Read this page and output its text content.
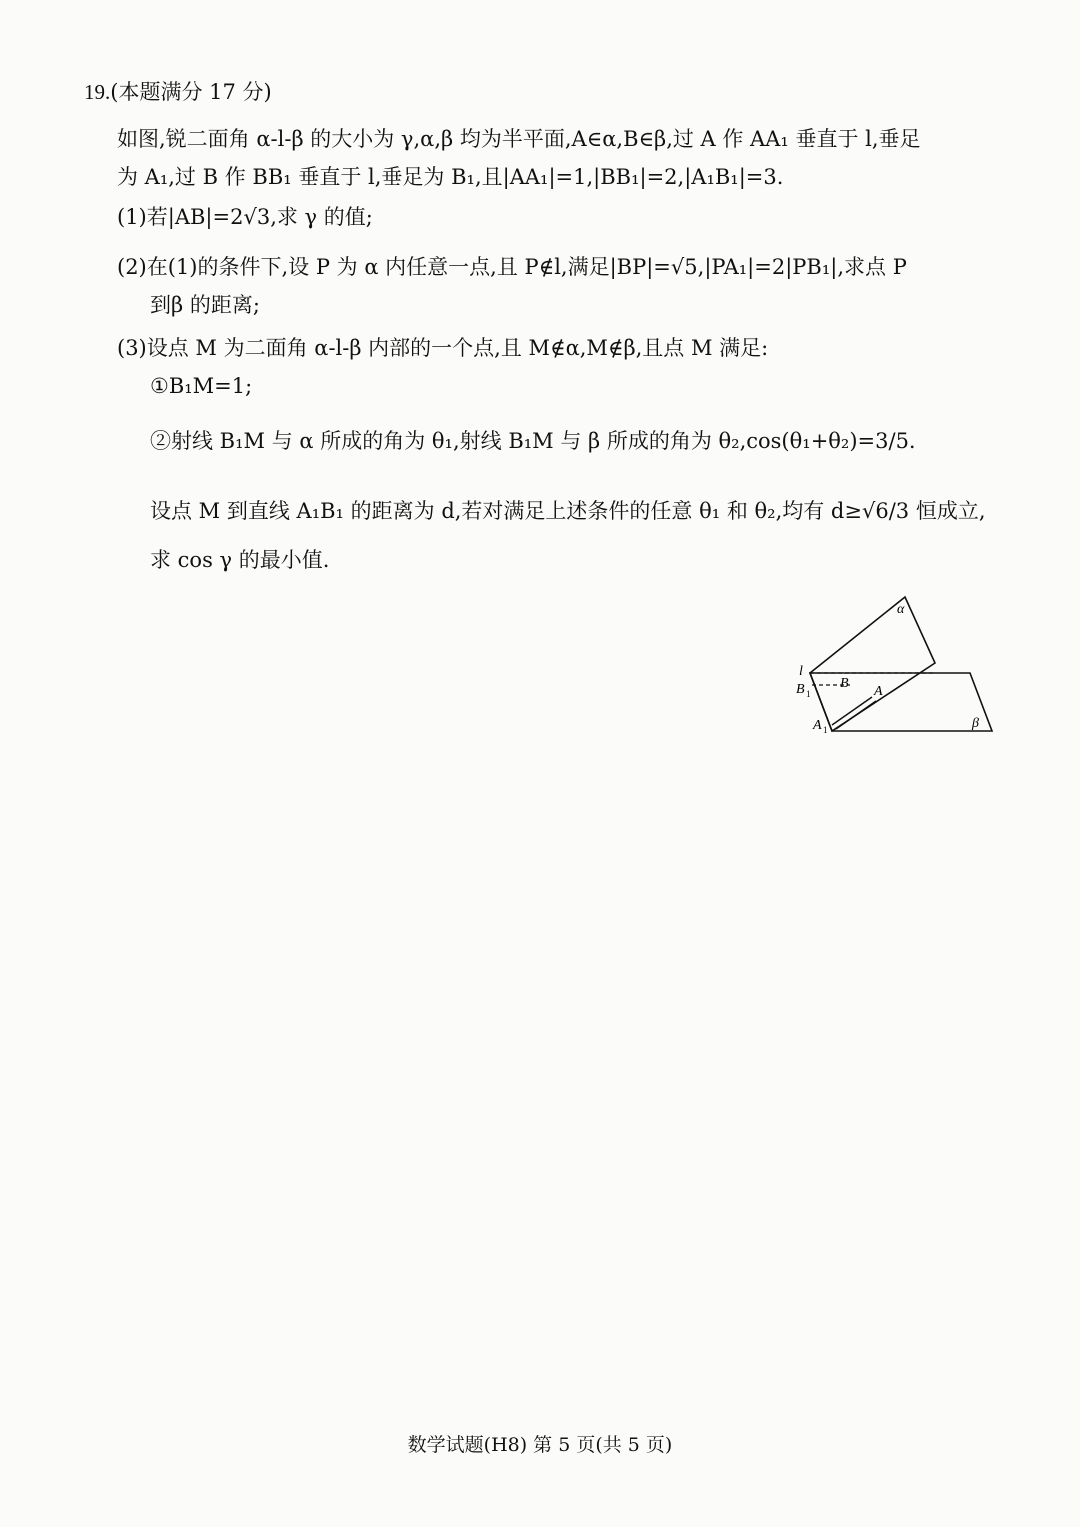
19.(本题满分 17 分)
如图,锐二面角 α-l-β 的大小为 γ,α,β 均为半平面,A∈α,B∈β,过 A 作 AA₁ 垂直于 l,垂足
为 A₁,过 B 作 BB₁ 垂直于 l,垂足为 B₁,且|AA₁|=1,|BB₁|=2,|A₁B₁|=3.
(1)若|AB|=2√3,求 γ 的值;
(2)在(1)的条件下,设 P 为 α 内任意一点,且 P∉l,满足|BP|=√5,|PA₁|=2|PB₁|,求点 P
到β 的距离;
(3)设点 M 为二面角 α-l-β 内部的一个点,且 M∉α,M∉β,且点 M 满足:
①B₁M=1;
②射线 B₁M 与 α 所成的角为 θ₁,射线 B₁M 与 β 所成的角为 θ₂,cos(θ₁+θ₂)=3/5.
设点 M 到直线 A₁B₁ 的距离为 d,若对满足上述条件的任意 θ₁ 和 θ₂,均有 d≥√6/3 恒成立,
求 cos γ 的最小值.
α
β
l
B
A
B 1
A 1
数学试题(H8) 第 5 页(共 5 页)
